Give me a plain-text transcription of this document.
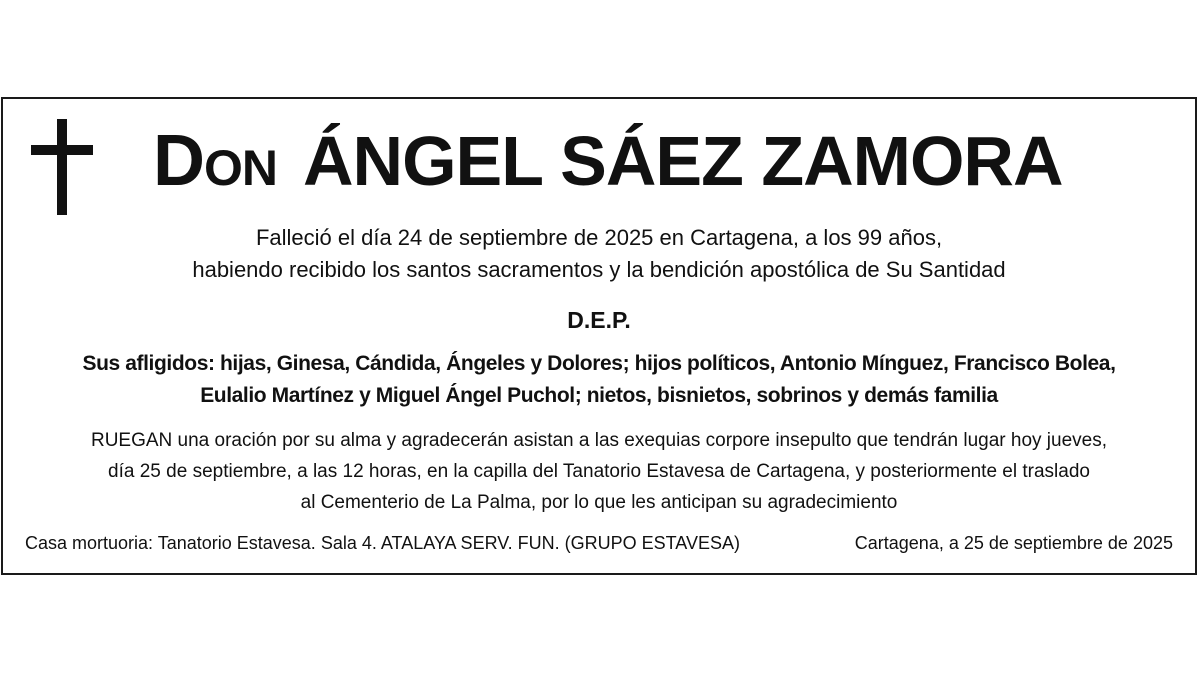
DON ÁNGEL SÁEZ ZAMORA
Falleció el día 24 de septiembre de 2025 en Cartagena, a los 99 años,
habiendo recibido los santos sacramentos y la bendición apostólica de Su Santidad
D.E.P.
Sus afligidos: hijas, Ginesa, Cándida, Ángeles y Dolores; hijos políticos, Antonio Mínguez, Francisco Bolea,
Eulalio Martínez y Miguel Ángel Puchol; nietos, bisnietos, sobrinos y demás familia
RUEGAN una oración por su alma y agradecerán asistan a las exequias corpore insepulto que tendrán lugar hoy jueves,
día 25 de septiembre, a las 12 horas, en la capilla del Tanatorio Estavesa de Cartagena, y posteriormente el traslado
al Cementerio de La Palma, por lo que les anticipan su agradecimiento
Casa mortuoria: Tanatorio Estavesa. Sala 4. ATALAYA SERV. FUN. (GRUPO ESTAVESA)	Cartagena, a 25 de septiembre de 2025
